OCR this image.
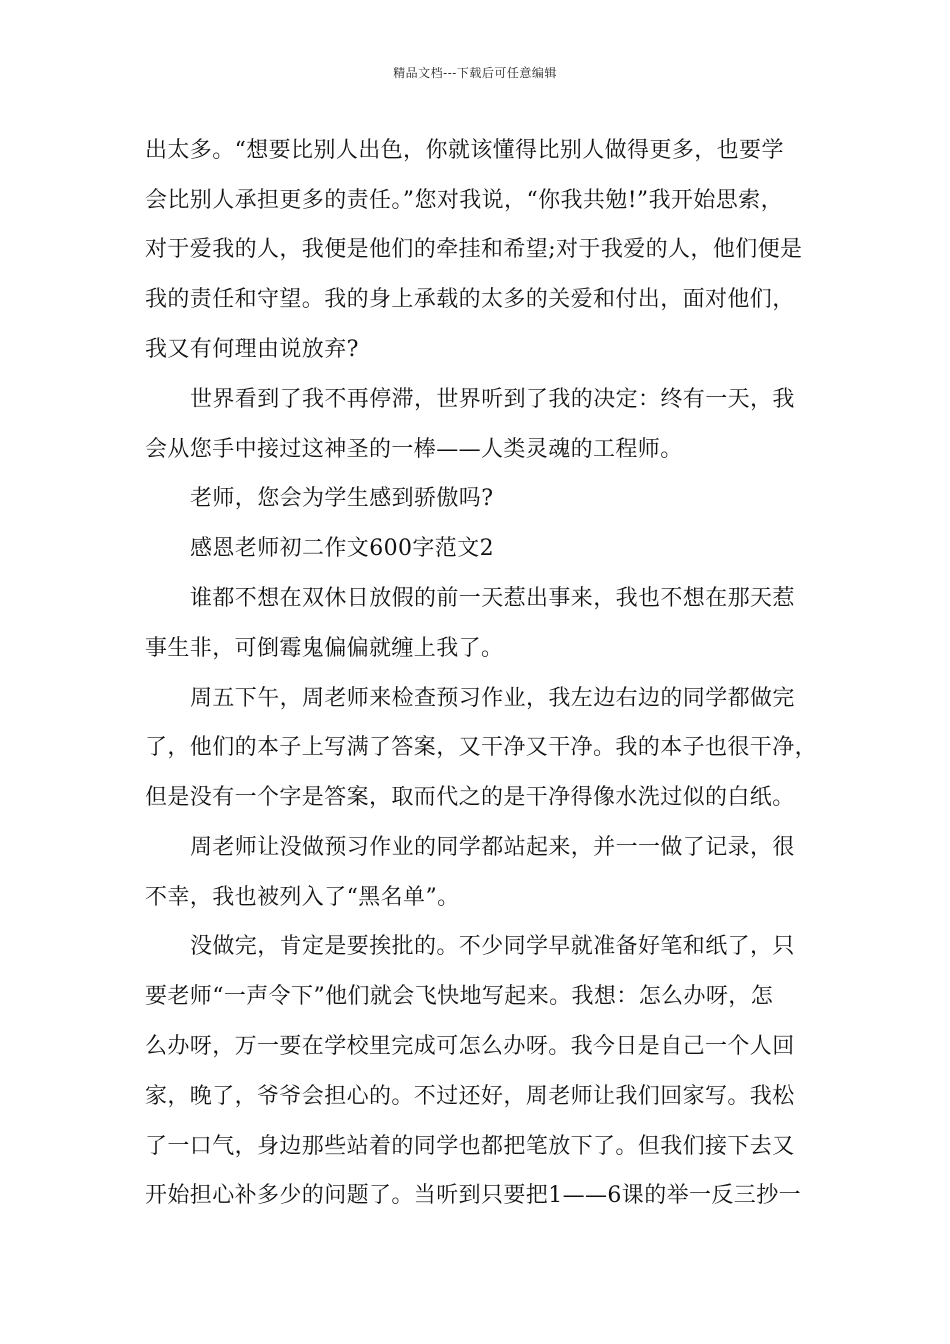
精品文档---下载后可任意编辑
出太多。“想要比别人出色，你就该懂得比别人做得更多，也要学
会比别人承担更多的责任。”您对我说，“你我共勉!”我开始思索，
对于爱我的人，我便是他们的牵挂和希望;对于我爱的人，他们便是
我的责任和守望。我的身上承载的太多的关爱和付出，面对他们，
我又有何理由说放弃?
世界看到了我不再停滞，世界听到了我的决定：终有一天，我
会从您手中接过这神圣的一棒——人类灵魂的工程师。
老师，您会为学生感到骄傲吗?
感恩老师初二作文600字范文2
谁都不想在双休日放假的前一天惹出事来，我也不想在那天惹
事生非，可倒霉鬼偏偏就缠上我了。
周五下午，周老师来检查预习作业，我左边右边的同学都做完
了，他们的本子上写满了答案，又干净又干净。我的本子也很干净，
但是没有一个字是答案，取而代之的是干净得像水洗过似的白纸。
周老师让没做预习作业的同学都站起来，并一一做了记录，很
不幸，我也被列入了“黑名单”。
没做完，肯定是要挨批的。不少同学早就准备好笔和纸了，只
要老师“一声令下”他们就会飞快地写起来。我想：怎么办呀，怎
么办呀，万一要在学校里完成可怎么办呀。我今日是自己一个人回
家，晚了，爷爷会担心的。不过还好，周老师让我们回家写。我松
了一口气，身边那些站着的同学也都把笔放下了。但我们接下去又
开始担心补多少的问题了。当听到只要把1——6课的举一反三抄一
